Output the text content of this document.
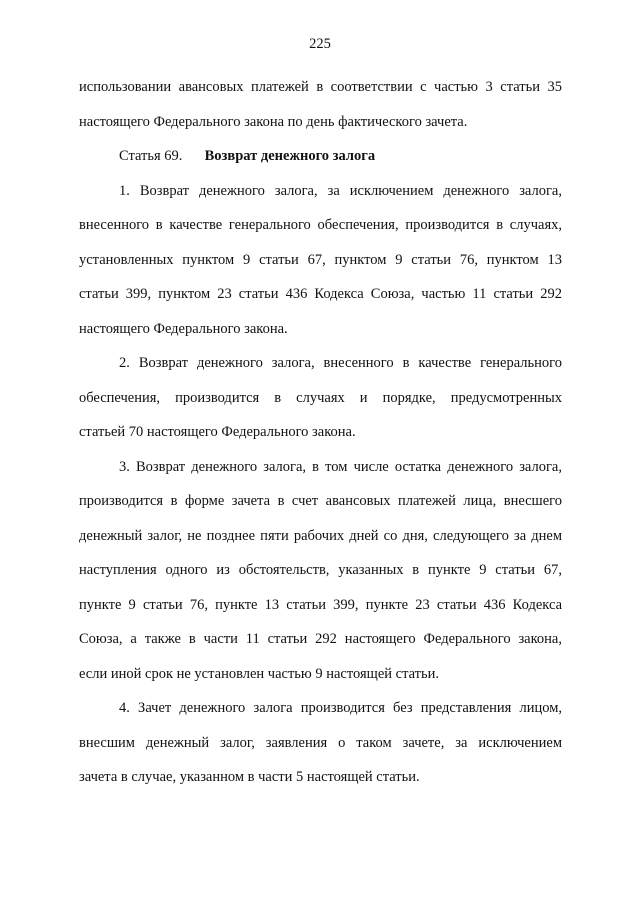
225
использовании авансовых платежей в соответствии с частью 3 статьи 35
настоящего Федерального закона по день фактического зачета.
Статья 69. Возврат денежного залога
1. Возврат денежного залога, за исключением денежного залога,
внесенного в качестве генерального обеспечения, производится в случаях,
установленных пунктом 9 статьи 67, пунктом 9 статьи 76, пунктом 13
статьи 399, пунктом 23 статьи 436 Кодекса Союза, частью 11 статьи 292
настоящего Федерального закона.
2. Возврат денежного залога, внесенного в качестве генерального
обеспечения, производится в случаях и порядке, предусмотренных
статьей 70 настоящего Федерального закона.
3. Возврат денежного залога, в том числе остатка денежного залога,
производится в форме зачета в счет авансовых платежей лица, внесшего
денежный залог, не позднее пяти рабочих дней со дня, следующего за днем
наступления одного из обстоятельств, указанных в пункте 9 статьи 67,
пункте 9 статьи 76, пункте 13 статьи 399, пункте 23 статьи 436 Кодекса
Союза, а также в части 11 статьи 292 настоящего Федерального закона,
если иной срок не установлен частью 9 настоящей статьи.
4. Зачет денежного залога производится без представления лицом,
внесшим денежный залог, заявления о таком зачете, за исключением
зачета в случае, указанном в части 5 настоящей статьи.
